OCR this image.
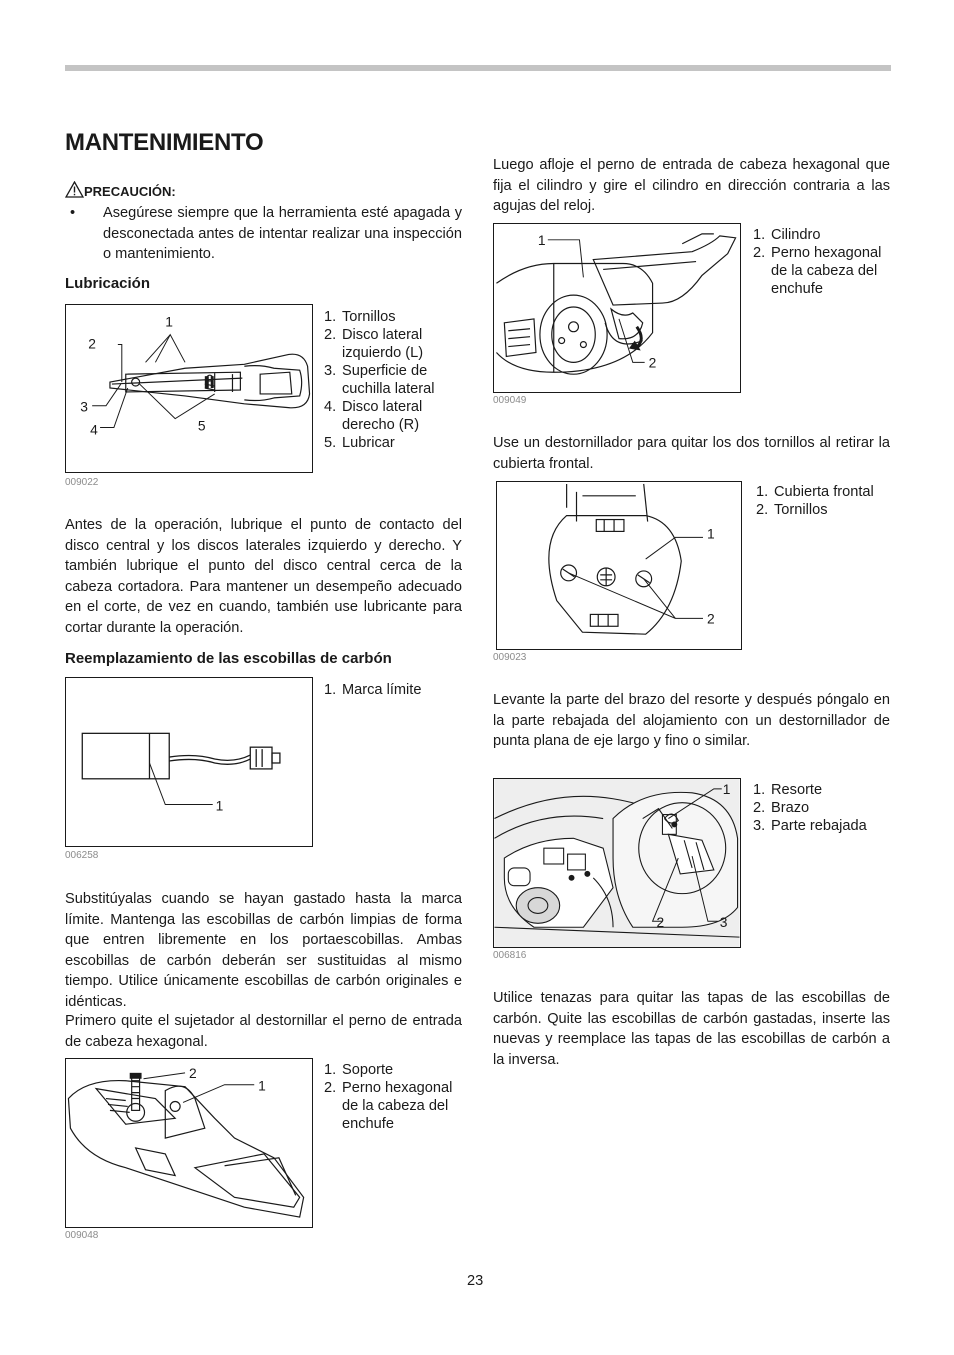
MANTENIMIENTO
PRECAUCIÓN:
• Asegúrese siempre que la herramienta esté apagada y desconectada antes de intentar realizar una inspección o mantenimiento.

Lubricación
1
2
3
4	5
009022
1. Tornillos
2. Disco lateral izquierdo (L)
3. Superficie de cuchilla lateral
4. Disco lateral derecho (R)
5. Lubricar

Antes de la operación, lubrique el punto de contacto del disco central y los discos laterales izquierdo y derecho. Y también lubrique el punto del disco central cerca de la cabeza cortadora. Para mantener un desempeño adecuado en el corte, de vez en cuando, también use lubricante para cortar durante la operación.

Reemplazamiento de las escobillas de carbón
1
006258
1. Marca límite

Substitúyalas cuando se hayan gastado hasta la marca límite. Mantenga las escobillas de carbón limpias de forma que entren libremente en los portaescobillas. Ambas escobillas de carbón deberán ser sustituidas al mismo tiempo. Utilice únicamente escobillas de carbón originales e idénticas.

Primero quite el sujetador al destornillar el perno de entrada de cabeza hexagonal.

2
1
009048
1. Soporte
2. Perno hexagonal de la cabeza del enchufe

Luego afloje el perno de entrada de cabeza hexagonal que fija el cilindro y gire el cilindro en dirección contraria a las agujas del reloj.

1
2
009049
1. Cilindro
2. Perno hexagonal de la cabeza del enchufe

Use un destornillador para quitar los dos tornillos al retirar la cubierta frontal.

1
2
009023
1. Cubierta frontal
2. Tornillos

Levante la parte del brazo del resorte y después póngalo en la parte rebajada del alojamiento con un destornillador de punta plana de eje largo y fino o similar.

1
2	3
006816
1. Resorte
2. Brazo
3. Parte rebajada

Utilice tenazas para quitar las tapas de las escobillas de carbón. Quite las escobillas de carbón gastadas, inserte las nuevas y reemplace las tapas de las escobillas de carbón a la inversa.

23
